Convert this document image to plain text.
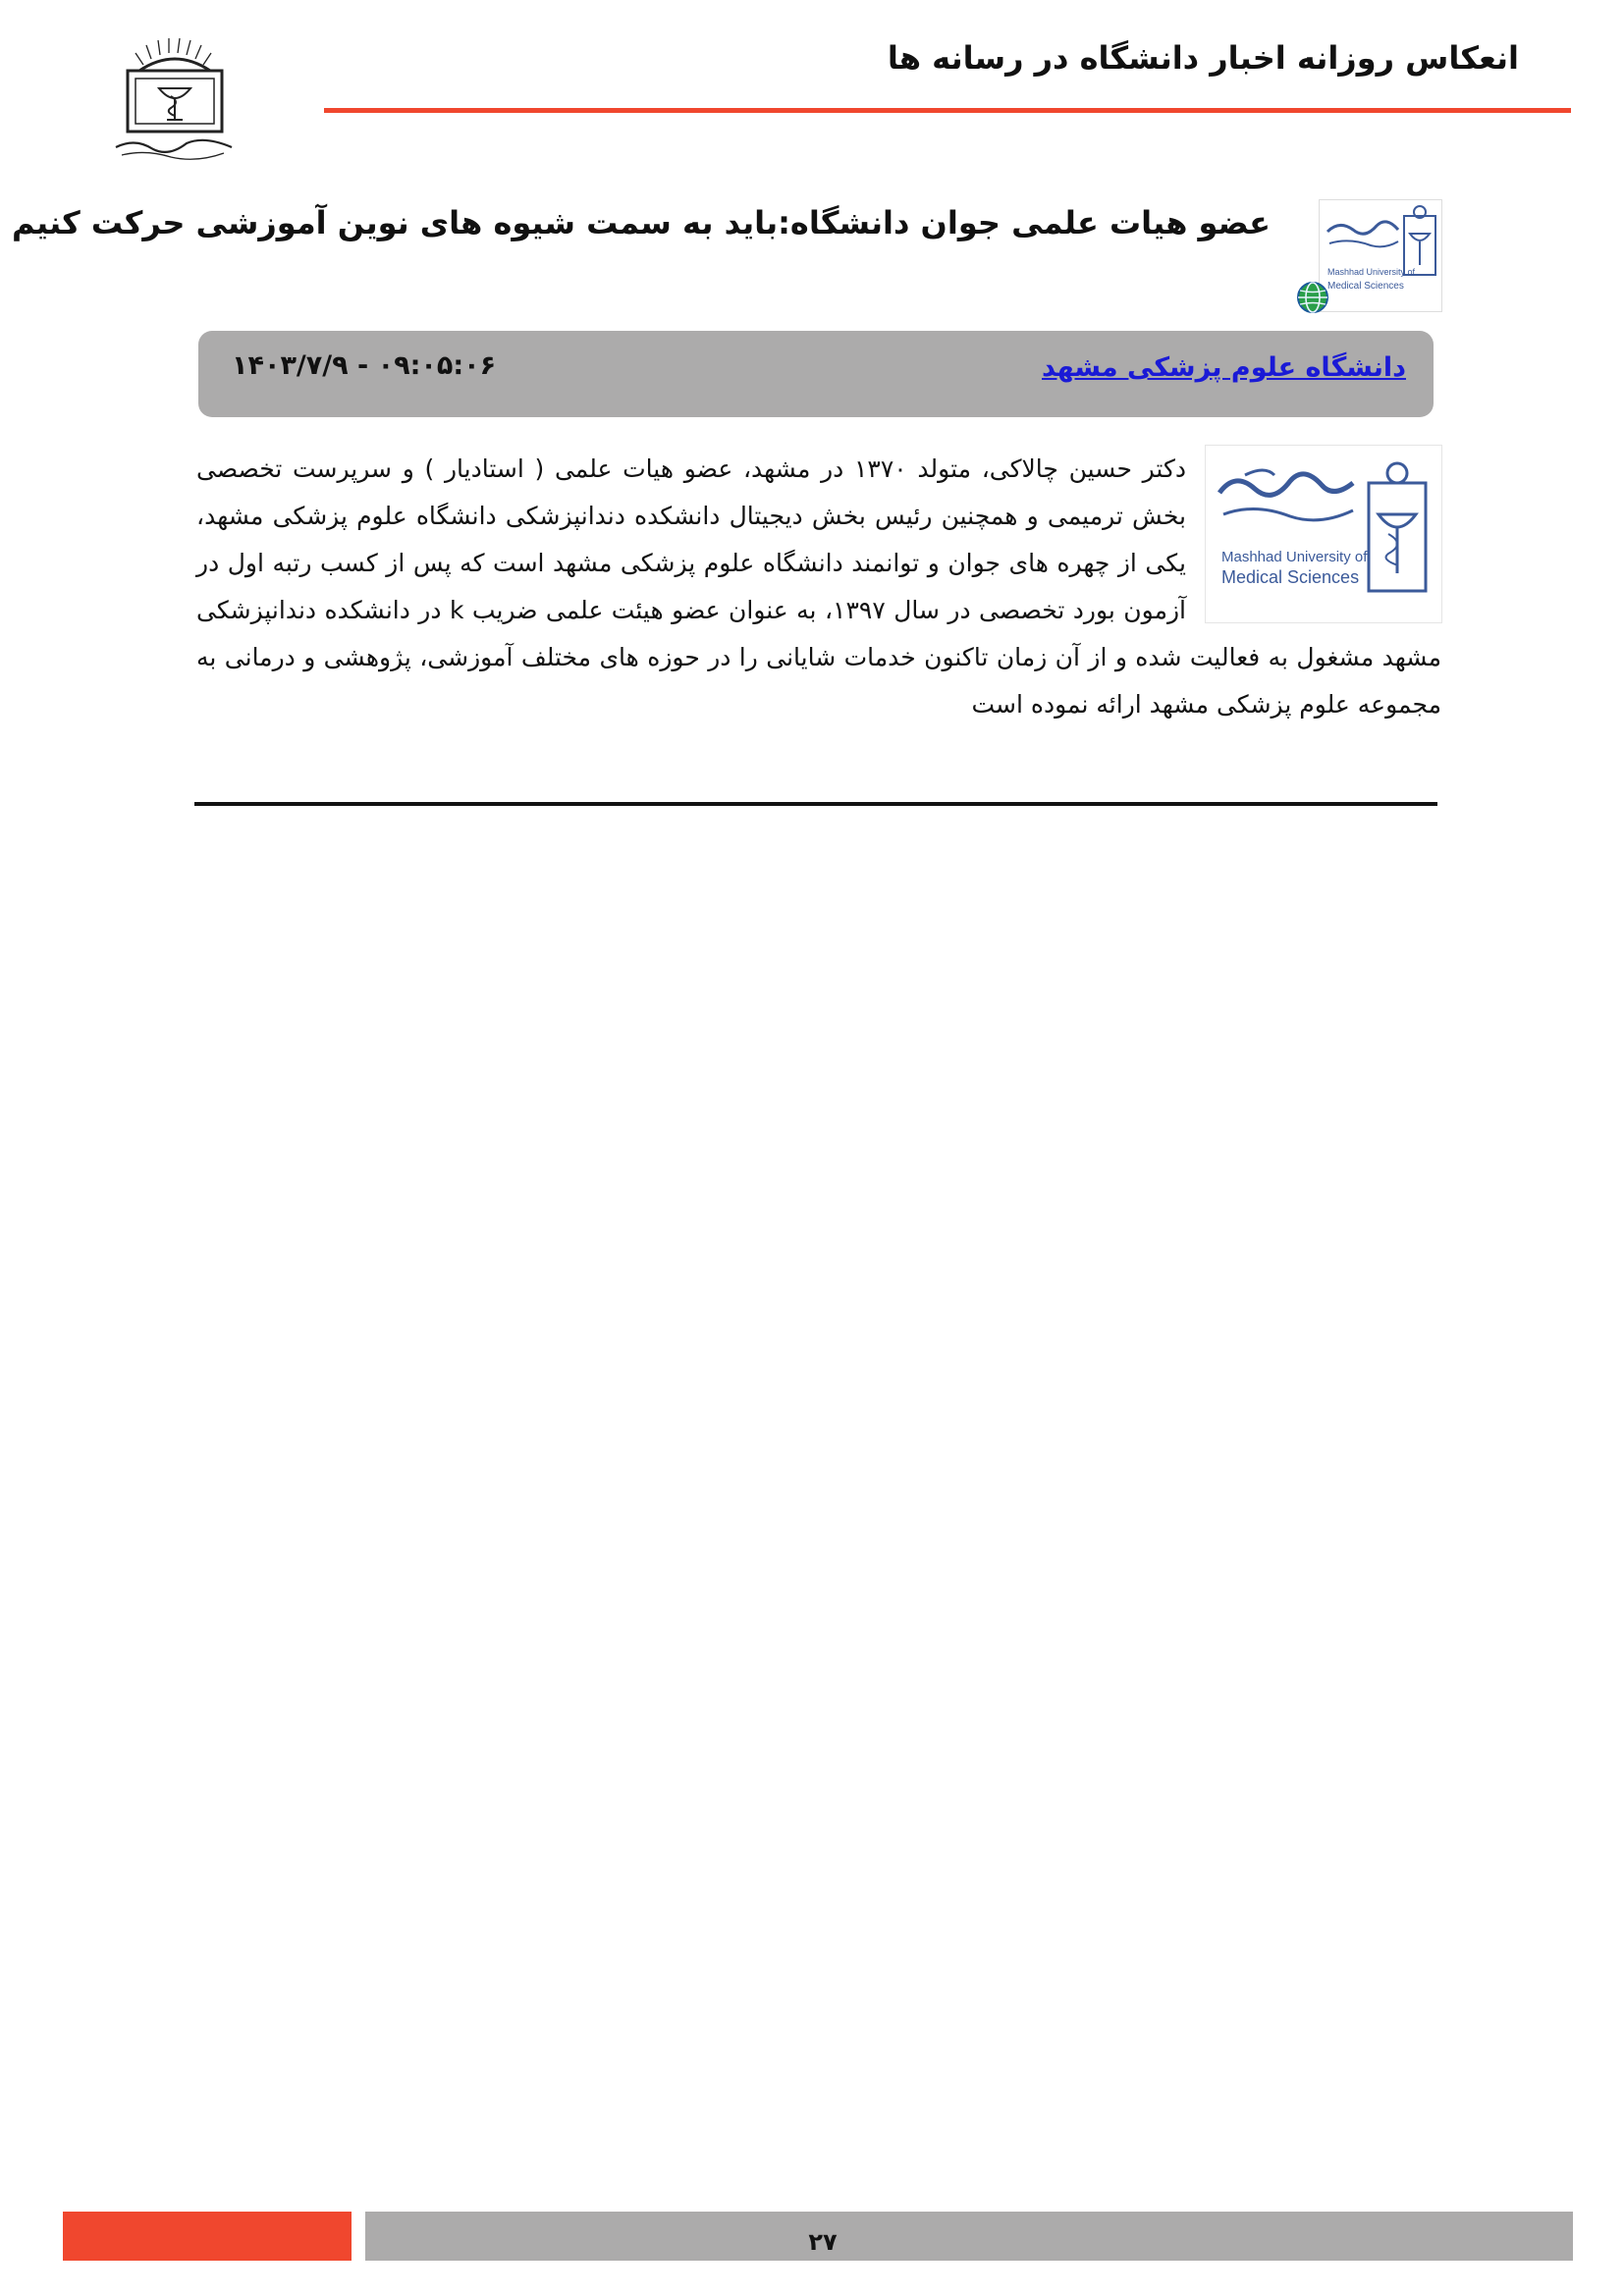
انعکاس روزانه اخبار دانشگاه در رسانه ها
عضو هیات علمی جوان دانشگاه:باید به سمت شیوه های نوین آموزشی حرکت کنیم
Mashhad University of
Medical Sciences
دانشگاه علوم پزشکی مشهد
۱۴۰۳/۷/۹ - ۰۹:۰۵:۰۶
Mashhad University of
Medical Sciences
دکتر حسین چالاکی، متولد ۱۳۷۰ در مشهد، عضو هیات علمی ( استادیار ) و سرپرست تخصصی بخش ترمیمی و همچنین رئیس بخش دیجیتال دانشکده دندانپزشکی دانشگاه علوم پزشکی مشهد، یکی از چهره های جوان و توانمند دانشگاه علوم پزشکی مشهد است که پس از کسب رتبه اول در آزمون بورد تخصصی در سال ۱۳۹۷، به عنوان عضو هیئت علمی ضریب k در دانشکده دندانپزشکی مشهد مشغول به فعالیت شده و از آن زمان تاکنون خدمات شایانی را در حوزه های مختلف آموزشی، پژوهشی و درمانی به مجموعه علوم پزشکی مشهد ارائه نموده است
۲۷
